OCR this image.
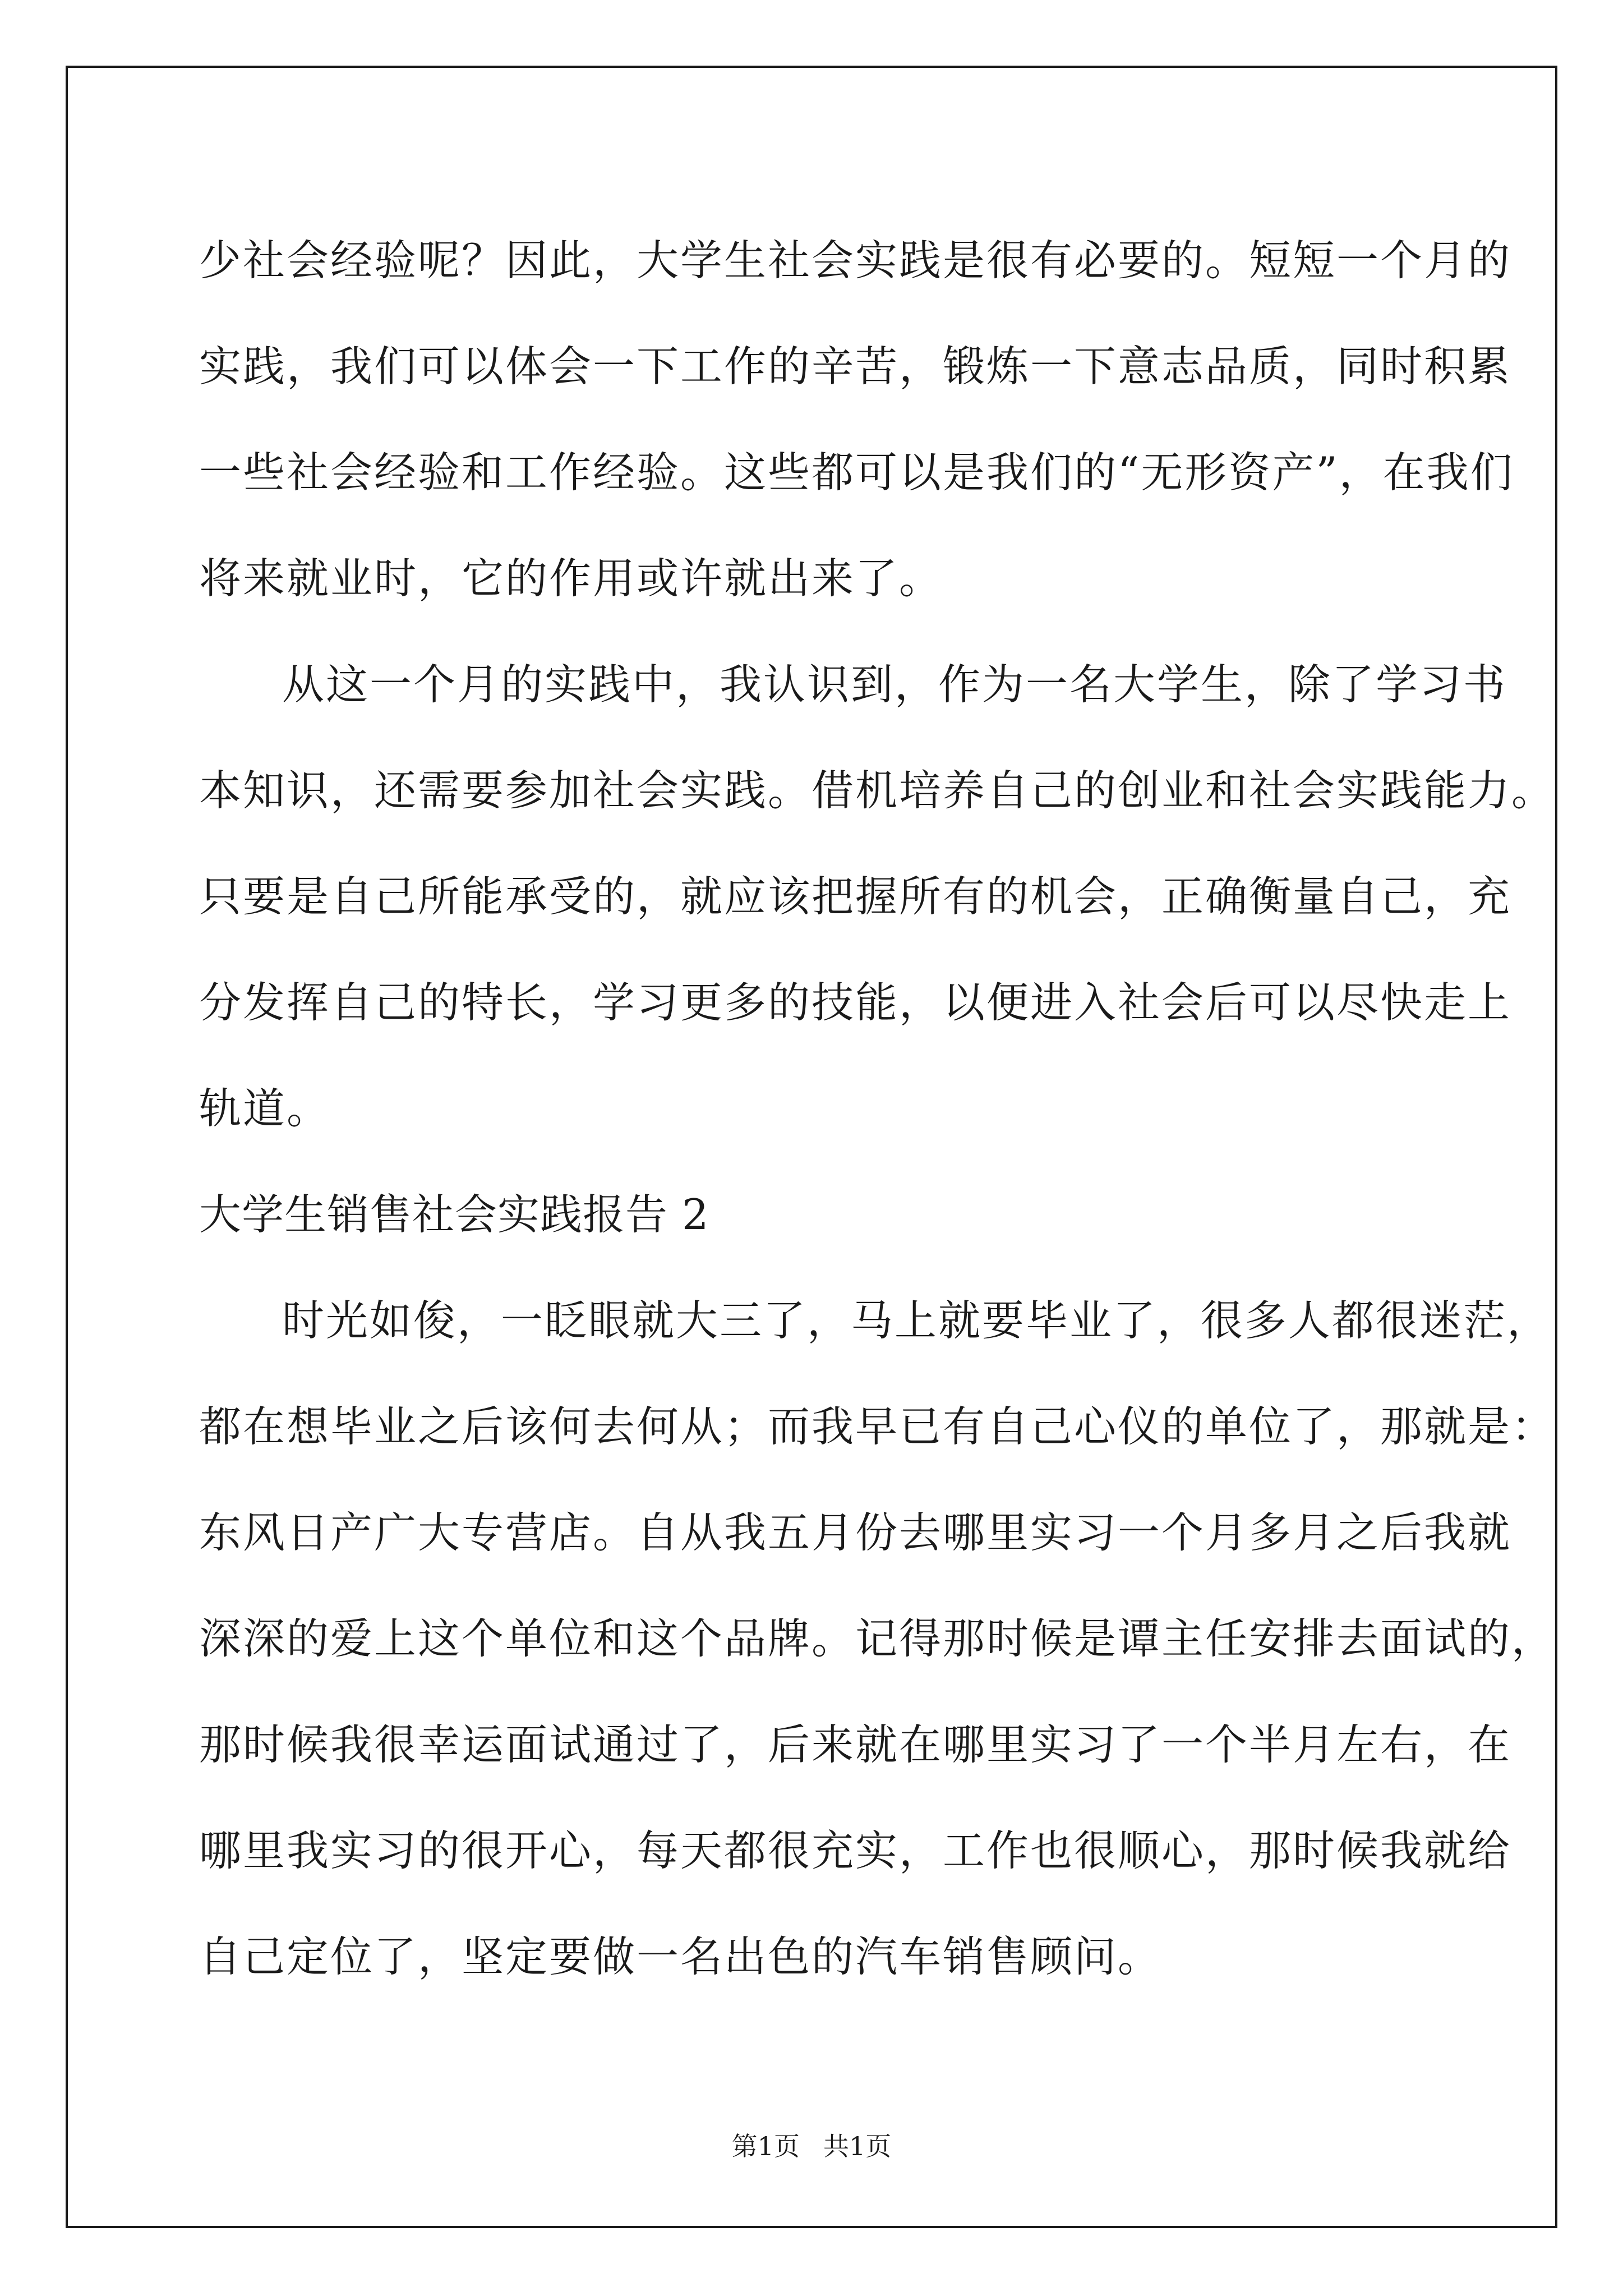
少社会经验呢？因此，大学生社会实践是很有必要的。短短一个月的
实践，我们可以体会一下工作的辛苦，锻炼一下意志品质，同时积累
一些社会经验和工作经验。这些都可以是我们的“无形资产”，在我们
将来就业时，它的作用或许就出来了。
从这一个月的实践中，我认识到，作为一名大学生，除了学习书
本知识，还需要参加社会实践。借机培养自己的创业和社会实践能力。
只要是自己所能承受的，就应该把握所有的机会，正确衡量自己，充
分发挥自己的特长，学习更多的技能，以便进入社会后可以尽快走上
轨道。
大学生销售社会实践报告 2
时光如俊，一眨眼就大三了，马上就要毕业了，很多人都很迷茫，
都在想毕业之后该何去何从；而我早已有自己心仪的单位了，那就是：
东风日产广大专营店。自从我五月份去哪里实习一个月多月之后我就
深深的爱上这个单位和这个品牌。记得那时候是谭主任安排去面试的，
那时候我很幸运面试通过了，后来就在哪里实习了一个半月左右，在
哪里我实习的很开心，每天都很充实，工作也很顺心，那时候我就给
自己定位了，坚定要做一名出色的汽车销售顾问。
第1页 共1页
